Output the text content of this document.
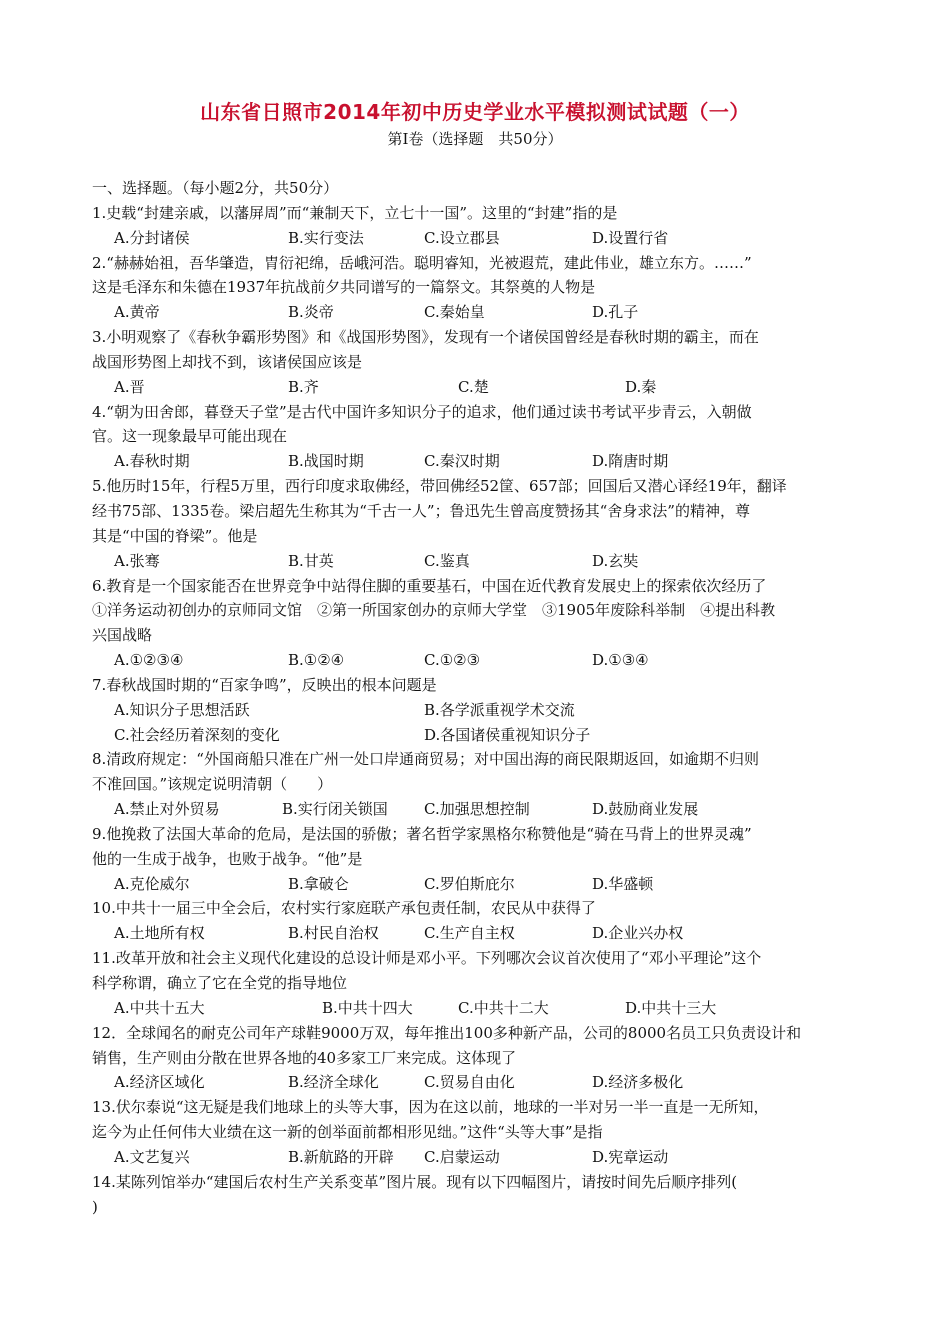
山东省日照市2014年初中历史学业水平模拟测试试题（一）
第Ⅰ卷（选择题　共50分）
一、选择题。（每小题2分，共50分）
1.史载“封建亲戚，以藩屏周”而“兼制天下，立七十一国”。这里的“封建”指的是
A.分封诸侯	B.实行变法	C.设立郡县	D.设置行省
2.“赫赫始祖，吾华肇造，胄衍祀绵，岳峨河浩。聪明睿知，光被遐荒，建此伟业，雄立东方。……”
这是毛泽东和朱德在1937年抗战前夕共同谱写的一篇祭文。其祭奠的人物是
A.黄帝	B.炎帝	C.秦始皇	D.孔子
3.小明观察了《春秋争霸形势图》和《战国形势图》，发现有一个诸侯国曾经是春秋时期的霸主，而在
战国形势图上却找不到，该诸侯国应该是
A.晋	B.齐	C.楚	D.秦
4.“朝为田舍郎，暮登天子堂”是古代中国许多知识分子的追求，他们通过读书考试平步青云，入朝做
官。这一现象最早可能出现在
A.春秋时期	B.战国时期	C.秦汉时期	D.隋唐时期
5.他历时15年，行程5万里，西行印度求取佛经，带回佛经52筐、657部；回国后又潜心译经19年，翻译
经书75部、1335卷。梁启超先生称其为“千古一人”；鲁迅先生曾高度赞扬其“舍身求法”的精神，尊
其是“中国的脊梁”。他是
A.张骞	B.甘英	C.鉴真	D.玄奘
6.教育是一个国家能否在世界竞争中站得住脚的重要基石，中国在近代教育发展史上的探索依次经历了
①洋务运动初创办的京师同文馆　②第一所国家创办的京师大学堂　③1905年废除科举制　④提出科教
兴国战略
A.①②③④	B.①②④	C.①②③	D.①③④
7.春秋战国时期的“百家争鸣”，反映出的根本问题是
A.知识分子思想活跃	B.各学派重视学术交流
C.社会经历着深刻的变化	D.各国诸侯重视知识分子
8.清政府规定：“外国商船只准在广州一处口岸通商贸易；对中国出海的商民限期返回，如逾期不归则
不准回国。”该规定说明清朝（　　）
A.禁止对外贸易	B.实行闭关锁国 C.加强思想控制	D.鼓励商业发展
9.他挽救了法国大革命的危局，是法国的骄傲；著名哲学家黑格尔称赞他是“骑在马背上的世界灵魂”
他的一生成于战争，也败于战争。“他”是
A.克伦威尔	B.拿破仑	C.罗伯斯庇尔	D.华盛顿
10.中共十一届三中全会后，农村实行家庭联产承包责任制，农民从中获得了
A.土地所有权	B.村民自治权	C.生产自主权	D.企业兴办权
11.改革开放和社会主义现代化建设的总设计师是邓小平。下列哪次会议首次使用了“邓小平理论”这个
科学称谓，确立了它在全党的指导地位
A.中共十五大	B.中共十四大	C.中共十二大	D.中共十三大
12．全球闻名的耐克公司年产球鞋9000万双，每年推出100多种新产品，公司的8000名员工只负责设计和
销售，生产则由分散在世界各地的40多家工厂来完成。这体现了
A.经济区域化	B.经济全球化	C.贸易自由化	D.经济多极化
13.伏尔泰说“这无疑是我们地球上的头等大事，因为在这以前，地球的一半对另一半一直是一无所知，
迄今为止任何伟大业绩在这一新的创举面前都相形见绌。”这件“头等大事”是指
A.文艺复兴	B.新航路的开辟 C.启蒙运动	D.宪章运动
14.某陈列馆举办“建国后农村生产关系变革”图片展。现有以下四幅图片，请按时间先后顺序排列(
)
